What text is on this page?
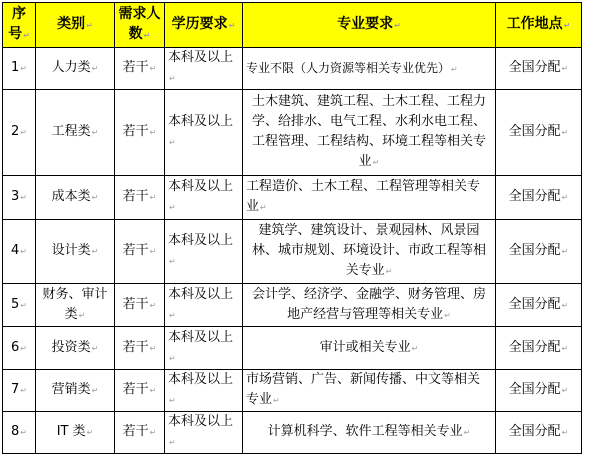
序号↵	类别↵	需求人数↵	学历要求↵	专业要求↵	工作地点↵
1↵	人力类↵	若干↵	本科及以上↵	专业不限（人力资源等相关专业优先）↵	全国分配↵
2↵	工程类↵	若干↵	本科及以上↵	土木建筑、建筑工程、土木工程、工程力学、给排水、电气工程、水利水电工程、工程管理、工程结构、环境工程等相关专业↵	全国分配↵
3↵	成本类↵	若干↵	本科及以上↵	工程造价、土木工程、工程管理等相关专业↵	全国分配↵
4↵	设计类↵	若干↵	本科及以上↵	建筑学、建筑设计、景观园林、风景园林、城市规划、环境设计、市政工程等相关专业↵	全国分配↵
5↵	财务、审计类↵	若干↵	本科及以上↵	会计学、经济学、金融学、财务管理、房地产经营与管理等相关专业↵	全国分配↵
6↵	投资类↵	若干↵	本科及以上↵	审计或相关专业↵	全国分配↵
7↵	营销类↵	若干↵	本科及以上↵	市场营销、广告、新闻传播、中文等相关专业↵	全国分配↵
8↵	IT 类↵	若干↵	本科及以上↵	计算机科学、软件工程等相关专业↵	全国分配↵
